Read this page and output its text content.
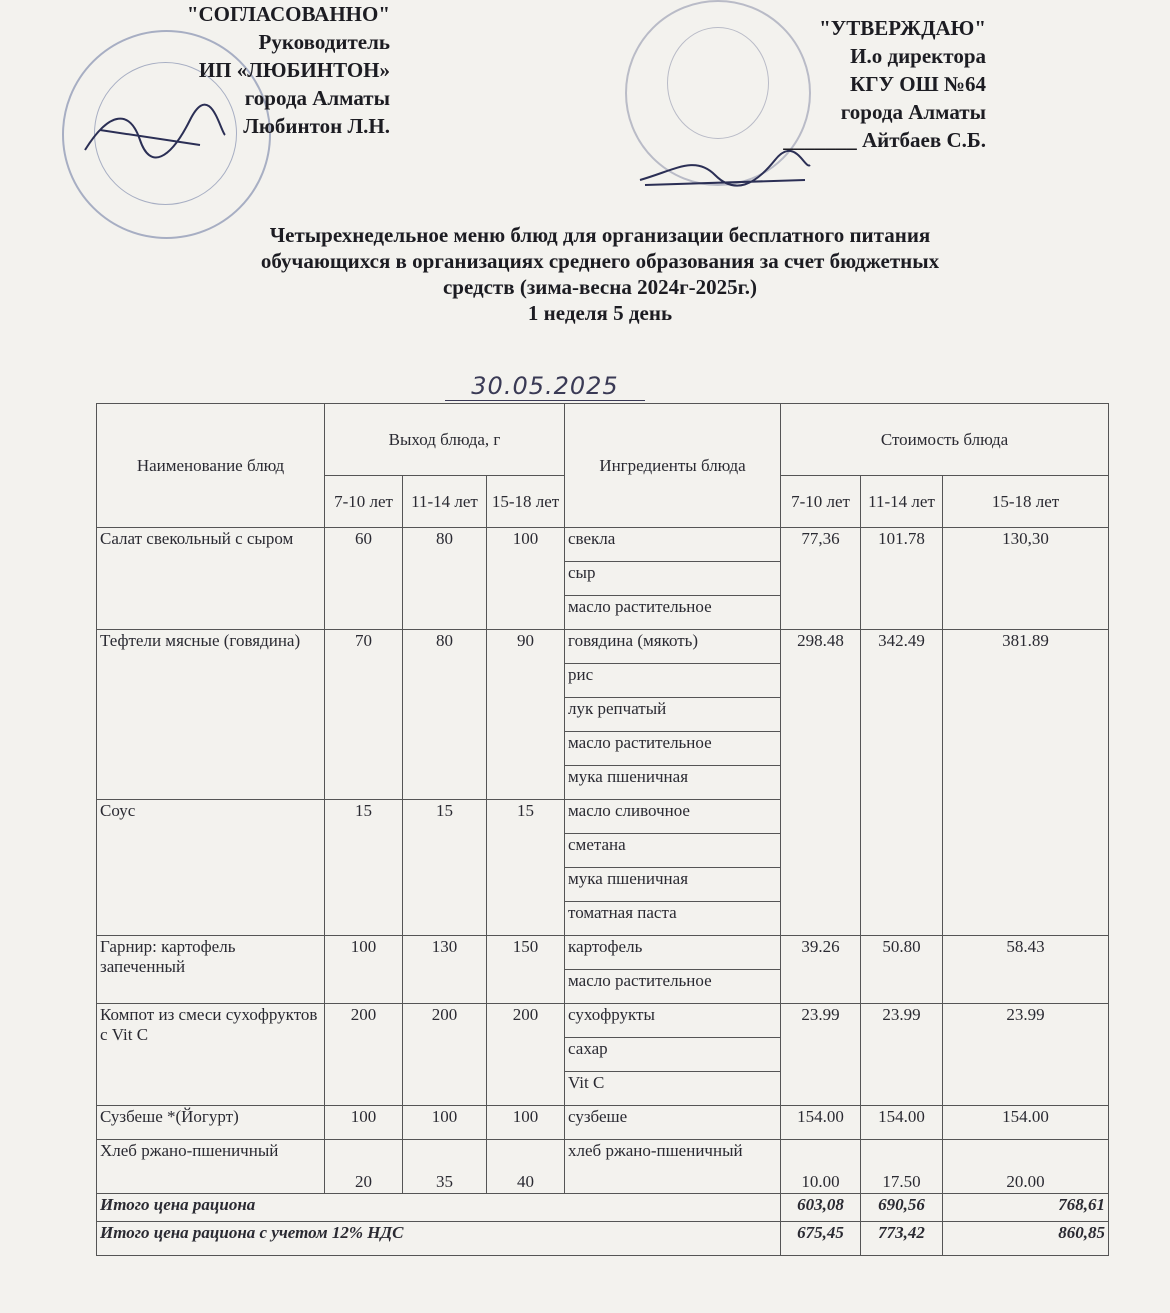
"СОГЛАСОВАННО"
Руководитель
ИП «ЛЮБИНТОН»
города Алматы
Любинтон Л.Н.
"УТВЕРЖДАЮ"
И.о директора
КГУ ОШ №64
города Алматы
_______ Айтбаев С.Б.
Четырехнедельное меню блюд для организации бесплатного питания
обучающихся в организациях среднего образования за счет бюджетных
средств (зима-весна 2024г-2025г.)
1 неделя 5 день
30.05.2025
Наименование блюд	Выход блюда, г			Ингредиенты блюда	Стоимость блюда		
	7-10 лет	11-14 лет	15-18 лет		7-10 лет	11-14 лет	15-18 лет
Салат свекольный с сыром	60	80	100	свекла	77,36	101.78	130,30
				сыр			
				масло растительное			
Тефтели мясные (говядина)	70	80	90	говядина (мякоть)	298.48	342.49	381.89
				рис			
				лук репчатый			
				масло растительное			
				мука пшеничная			
Соус	15	15	15	масло сливочное			
				сметана			
				мука пшеничная			
				томатная паста			
Гарнир: картофель запеченный	100	130	150	картофель	39.26	50.80	58.43
				масло растительное			
Компот из смеси сухофруктов с Vit C	200	200	200	сухофрукты	23.99	23.99	23.99
				сахар			
				Vit C			
Сузбеше *(Йогурт)	100	100	100	сузбеше	154.00	154.00	154.00
Хлеб ржано-пшеничный	20	35	40	хлеб ржано-пшеничный	10.00	17.50	20.00
Итого цена рациона					603,08	690,56	768,61
Итого цена рациона с учетом 12% НДС					675,45	773,42	860,85
